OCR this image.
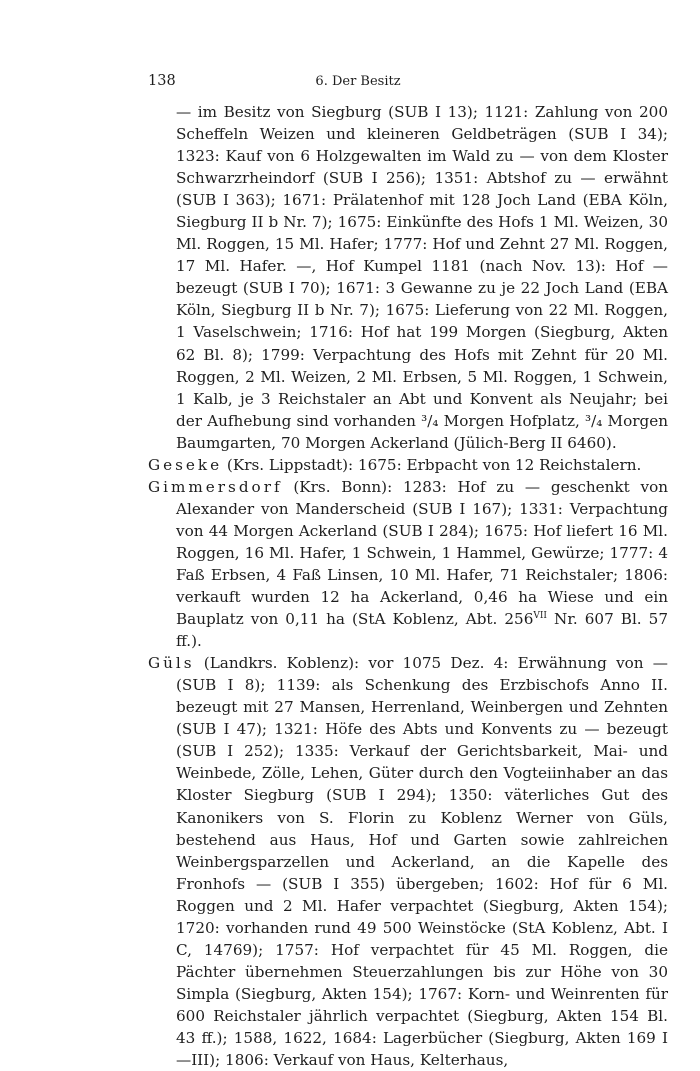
138	6. Der Besitz

— im Besitz von Siegburg (SUB I 13); 1121: Zahlung von 200 Scheffeln Weizen und kleineren Geldbeträgen (SUB I 34); 1323: Kauf von 6 Holzgewalten im Wald zu — von dem Kloster Schwarzrheindorf (SUB I 256); 1351: Abtshof zu — erwähnt (SUB I 363); 1671: Prälatenhof mit 128 Joch Land (EBA Köln, Siegburg II b Nr. 7); 1675: Einkünfte des Hofs 1 Ml. Weizen, 30 Ml. Roggen, 15 Ml. Hafer; 1777: Hof und Zehnt 27 Ml. Roggen, 17 Ml. Hafer. —, Hof Kumpel 1181 (nach Nov. 13): Hof — bezeugt (SUB I 70); 1671: 3 Gewanne zu je 22 Joch Land (EBA Köln, Siegburg II b Nr. 7); 1675: Lieferung von 22 Ml. Roggen, 1 Vaselschwein; 1716: Hof hat 199 Morgen (Siegburg, Akten 62 Bl. 8); 1799: Verpachtung des Hofs mit Zehnt für 20 Ml. Roggen, 2 Ml. Weizen, 2 Ml. Erbsen, 5 Ml. Roggen, 1 Schwein, 1 Kalb, je 3 Reichstaler an Abt und Konvent als Neujahr; bei der Aufhebung sind vorhanden ³/₄ Morgen Hofplatz, ³/₄ Morgen Baumgarten, 70 Morgen Ackerland (Jülich-Berg II 6460).

Geseke (Krs. Lippstadt): 1675: Erbpacht von 12 Reichstalern.

Gimmersdorf (Krs. Bonn): 1283: Hof zu — geschenkt von Alexander von Manderscheid (SUB I 167); 1331: Verpachtung von 44 Morgen Ackerland (SUB I 284); 1675: Hof liefert 16 Ml. Roggen, 16 Ml. Hafer, 1 Schwein, 1 Hammel, Gewürze; 1777: 4 Faß Erbsen, 4 Faß Linsen, 10 Ml. Hafer, 71 Reichstaler; 1806: verkauft wurden 12 ha Ackerland, 0,46 ha Wiese und ein Bauplatz von 0,11 ha (StA Koblenz, Abt. $256^{VII}$ Nr. 607 Bl. 57 ff.).

Güls (Landkrs. Koblenz): vor 1075 Dez. 4: Erwähnung von — (SUB I 8); 1139: als Schenkung des Erzbischofs Anno II. bezeugt mit 27 Mansen, Herrenland, Weinbergen und Zehnten (SUB I 47); 1321: Höfe des Abts und Konvents zu — bezeugt (SUB I 252); 1335: Verkauf der Gerichtsbarkeit, Mai- und Weinbede, Zölle, Lehen, Güter durch den Vogteiinhaber an das Kloster Siegburg (SUB I 294); 1350: väterliches Gut des Kanonikers von S. Florin zu Koblenz Werner von Güls, bestehend aus Haus, Hof und Garten sowie zahlreichen Weinbergsparzellen und Ackerland, an die Kapelle des Fronhofs — (SUB I 355) übergeben; 1602: Hof für 6 Ml. Roggen und 2 Ml. Hafer verpachtet (Siegburg, Akten 154); 1720: vorhanden rund 49 500 Weinstöcke (StA Koblenz, Abt. I C, 14769); 1757: Hof verpachtet für 45 Ml. Roggen, die Pächter übernehmen Steuerzahlungen bis zur Höhe von 30 Simpla (Siegburg, Akten 154); 1767: Korn- und Weinrenten für 600 Reichstaler jährlich verpachtet (Siegburg, Akten 154 Bl. 43 ff.); 1588, 1622, 1684: Lagerbücher (Siegburg, Akten 169 I—III); 1806: Verkauf von Haus, Kelterhaus,
